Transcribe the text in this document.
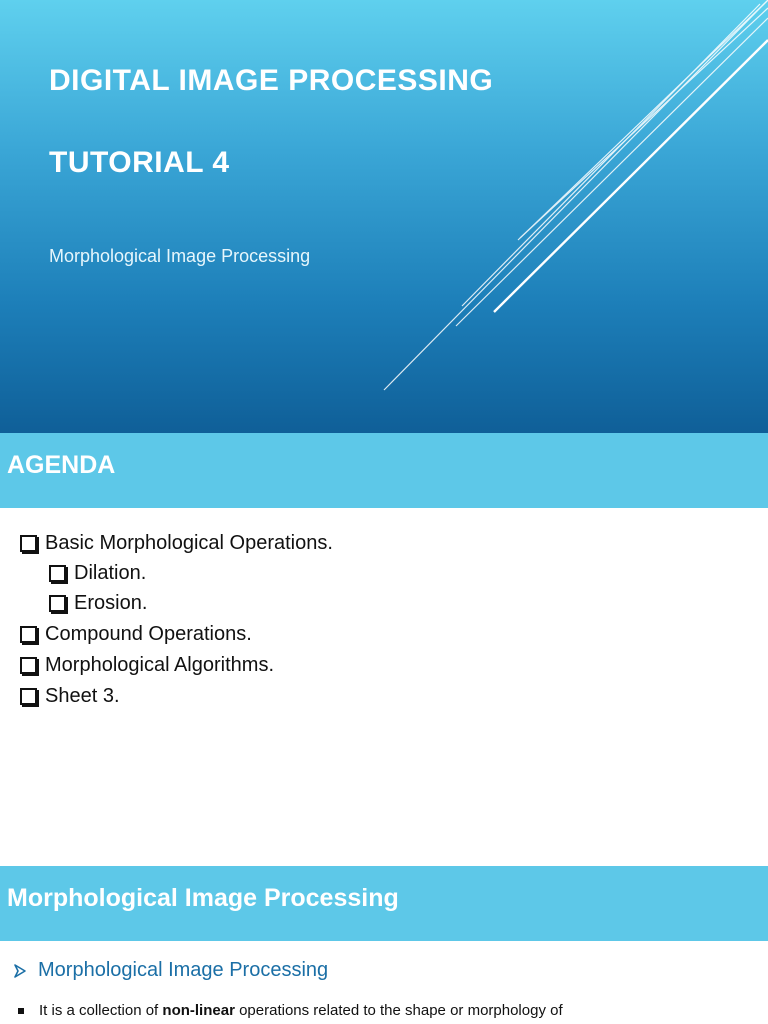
DIGITAL IMAGE PROCESSING
TUTORIAL 4
Morphological Image Processing
AGENDA
Basic Morphological Operations.
Dilation.
Erosion.
Compound Operations.
Morphological Algorithms.
Sheet 3.
Morphological Image Processing
Morphological Image Processing
It is a collection of non-linear operations related to the shape or morphology of
